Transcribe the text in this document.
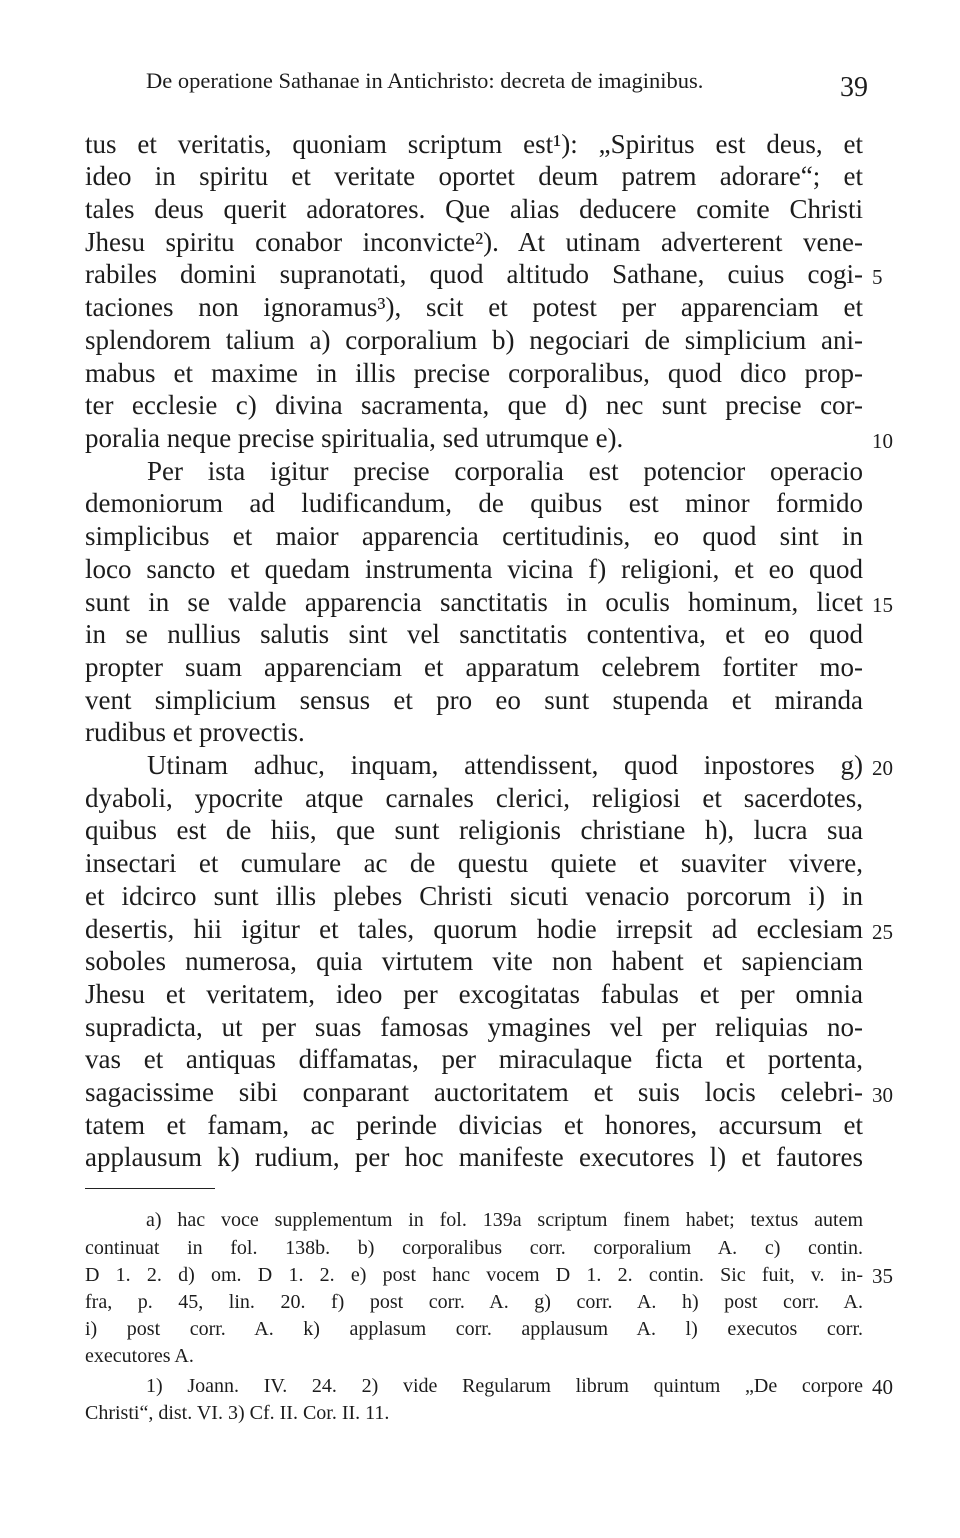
De operatione Sathanae in Antichristo: decreta de imaginibus.	39
tus et veritatis, quoniam scriptum est¹): „Spiritus est deus, et
ideo in spiritu et veritate oportet deum patrem adorare“; et
tales deus querit adoratores. Que alias deducere comite Christi
Jhesu spiritu conabor inconvicte²). At utinam adverterent vene-
rabiles domini supranotati, quod altitudo Sathane, cuius cogi-
taciones non ignoramus³), scit et potest per apparenciam et
splendorem talium a) corporalium b) negociari de simplicium ani-
mabus et maxime in illis precise corporalibus, quod dico prop-
ter ecclesie c) divina sacramenta, que d) nec sunt precise cor-
poralia neque precise spiritualia, sed utrumque e).
Per ista igitur precise corporalia est potencior operacio
demoniorum ad ludificandum, de quibus est minor formido
simplicibus et maior apparencia certitudinis, eo quod sint in
loco sancto et quedam instrumenta vicina f) religioni, et eo quod
sunt in se valde apparencia sanctitatis in oculis hominum, licet
in se nullius salutis sint vel sanctitatis contentiva, et eo quod
propter suam apparenciam et apparatum celebrem fortiter mo-
vent simplicium sensus et pro eo sunt stupenda et miranda
rudibus et provectis.
Utinam adhuc, inquam, attendissent, quod inpostores g)
dyaboli, ypocrite atque carnales clerici, religiosi et sacerdotes,
quibus est de hiis, que sunt religionis christiane h), lucra sua
insectari et cumulare ac de questu quiete et suaviter vivere,
et idcirco sunt illis plebes Christi sicuti venacio porcorum i) in
desertis, hii igitur et tales, quorum hodie irrepsit ad ecclesiam
soboles numerosa, quia virtutem vite non habent et sapienciam
Jhesu et veritatem, ideo per excogitatas fabulas et per omnia
supradicta, ut per suas famosas ymagines vel per reliquias no-
vas et antiquas diffamatas, per miraculaque ficta et portenta,
sagacissime sibi conparant auctoritatem et suis locis celebri-
tatem et famam, ac perinde divicias et honores, accursum et
applausum k) rudium, per hoc manifeste executores l) et fautores
5
10
15
20
25
30
35
40
a) hac voce supplementum in fol. 139a scriptum finem habet; textus autem
continuat in fol. 138b. b) corporalibus corr. corporalium A. c) contin.
D 1. 2. d) om. D 1. 2. e) post hanc vocem D 1. 2. contin. Sic fuit, v. in-
fra, p. 45, lin. 20. f) post corr. A. g) corr. A. h) post corr. A.
i) post corr. A. k) applasum corr. applausum A. l) executos corr.
executores A.
1) Joann. IV. 24. 2) vide Regularum librum quintum „De corpore
Christi“, dist. VI. 3) Cf. II. Cor. II. 11.
